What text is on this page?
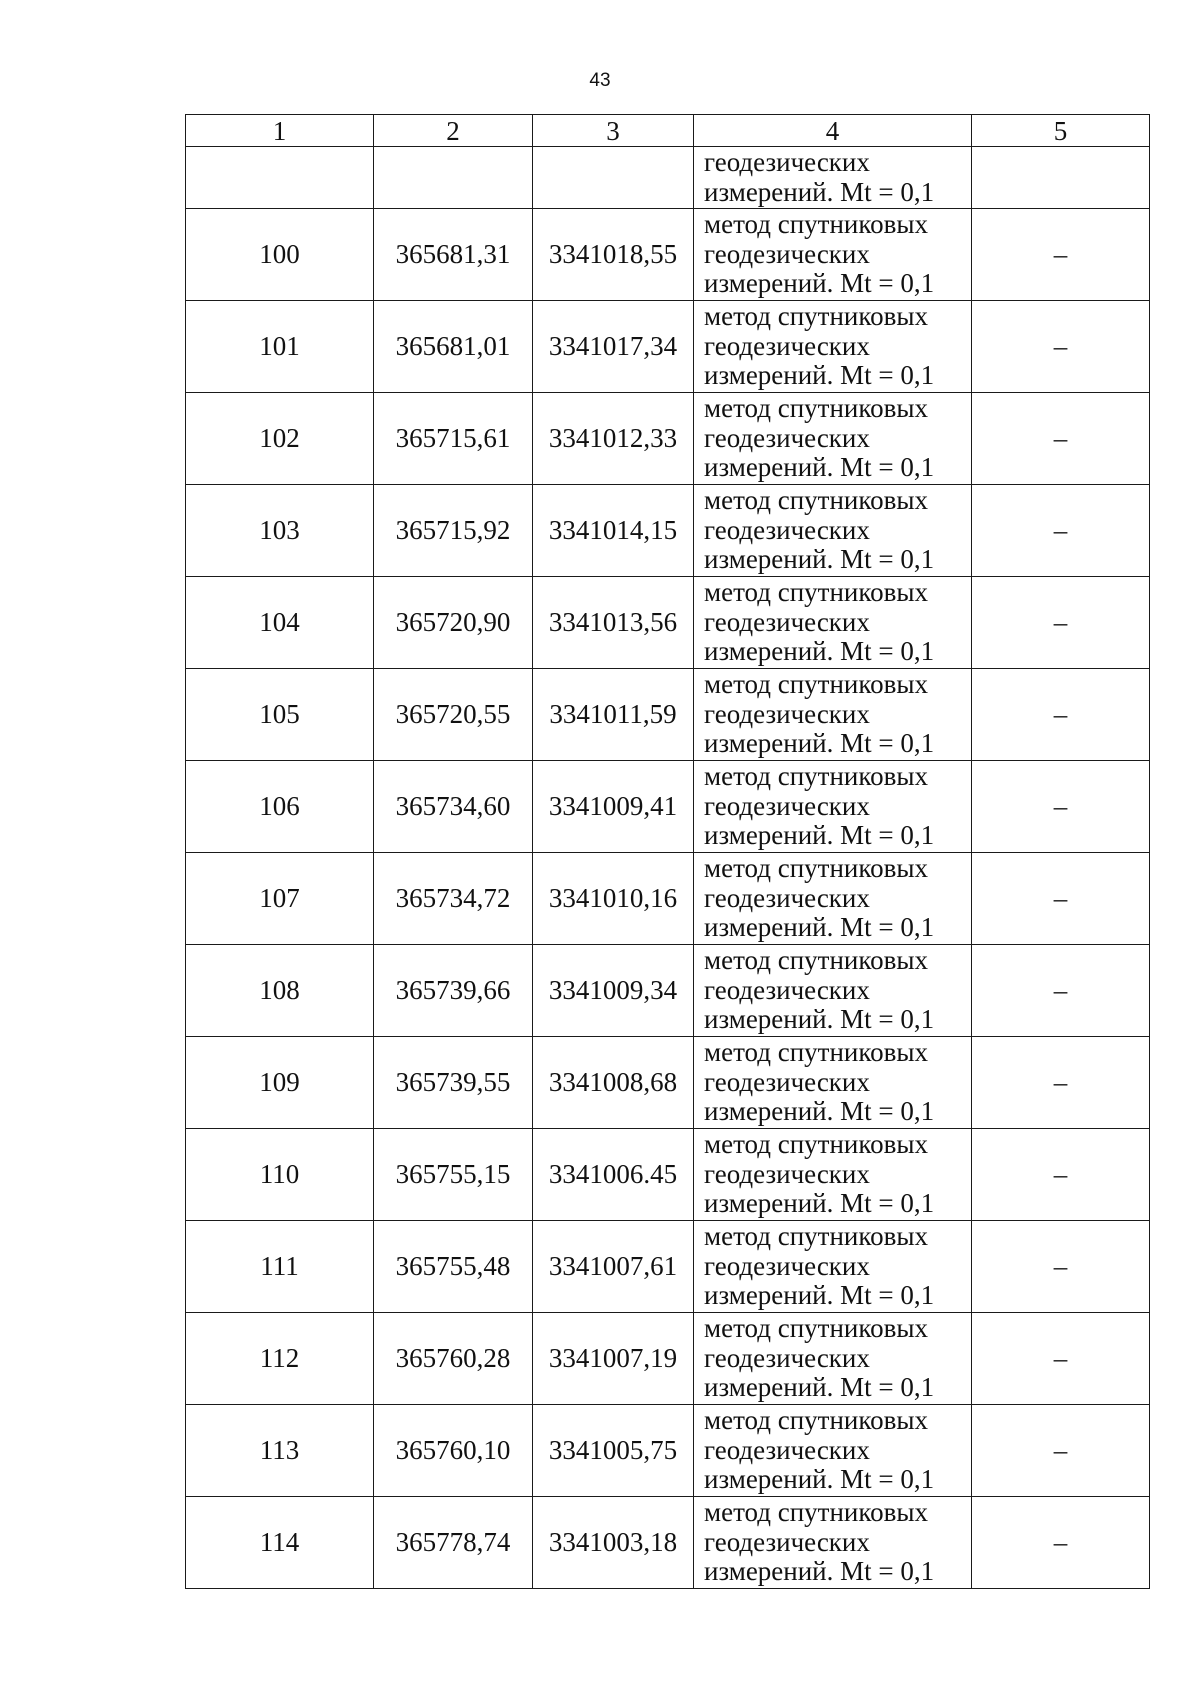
43
1	2	3	4	5

			геодезических
измерений. Mt = 0,1	

100	365681,31	3341018,55	метод спутниковых
геодезических
измерений. Mt = 0,1	–
101	365681,01	3341017,34	метод спутниковых
геодезических
измерений. Mt = 0,1	–
102	365715,61	3341012,33	метод спутниковых
геодезических
измерений. Mt = 0,1	–
103	365715,92	3341014,15	метод спутниковых
геодезических
измерений. Mt = 0,1	–
104	365720,90	3341013,56	метод спутниковых
геодезических
измерений. Mt = 0,1	–
105	365720,55	3341011,59	метод спутниковых
геодезических
измерений. Mt = 0,1	–
106	365734,60	3341009,41	метод спутниковых
геодезических
измерений. Mt = 0,1	–
107	365734,72	3341010,16	метод спутниковых
геодезических
измерений. Mt = 0,1	–
108	365739,66	3341009,34	метод спутниковых
геодезических
измерений. Mt = 0,1	–
109	365739,55	3341008,68	метод спутниковых
геодезических
измерений. Mt = 0,1	–
110	365755,15	3341006.45	метод спутниковых
геодезических
измерений. Mt = 0,1	–
111	365755,48	3341007,61	метод спутниковых
геодезических
измерений. Mt = 0,1	–
112	365760,28	3341007,19	метод спутниковых
геодезических
измерений. Mt = 0,1	–
113	365760,10	3341005,75	метод спутниковых
геодезических
измерений. Mt = 0,1	–
114	365778,74	3341003,18	метод спутниковых
геодезических
измерений. Mt = 0,1	–
